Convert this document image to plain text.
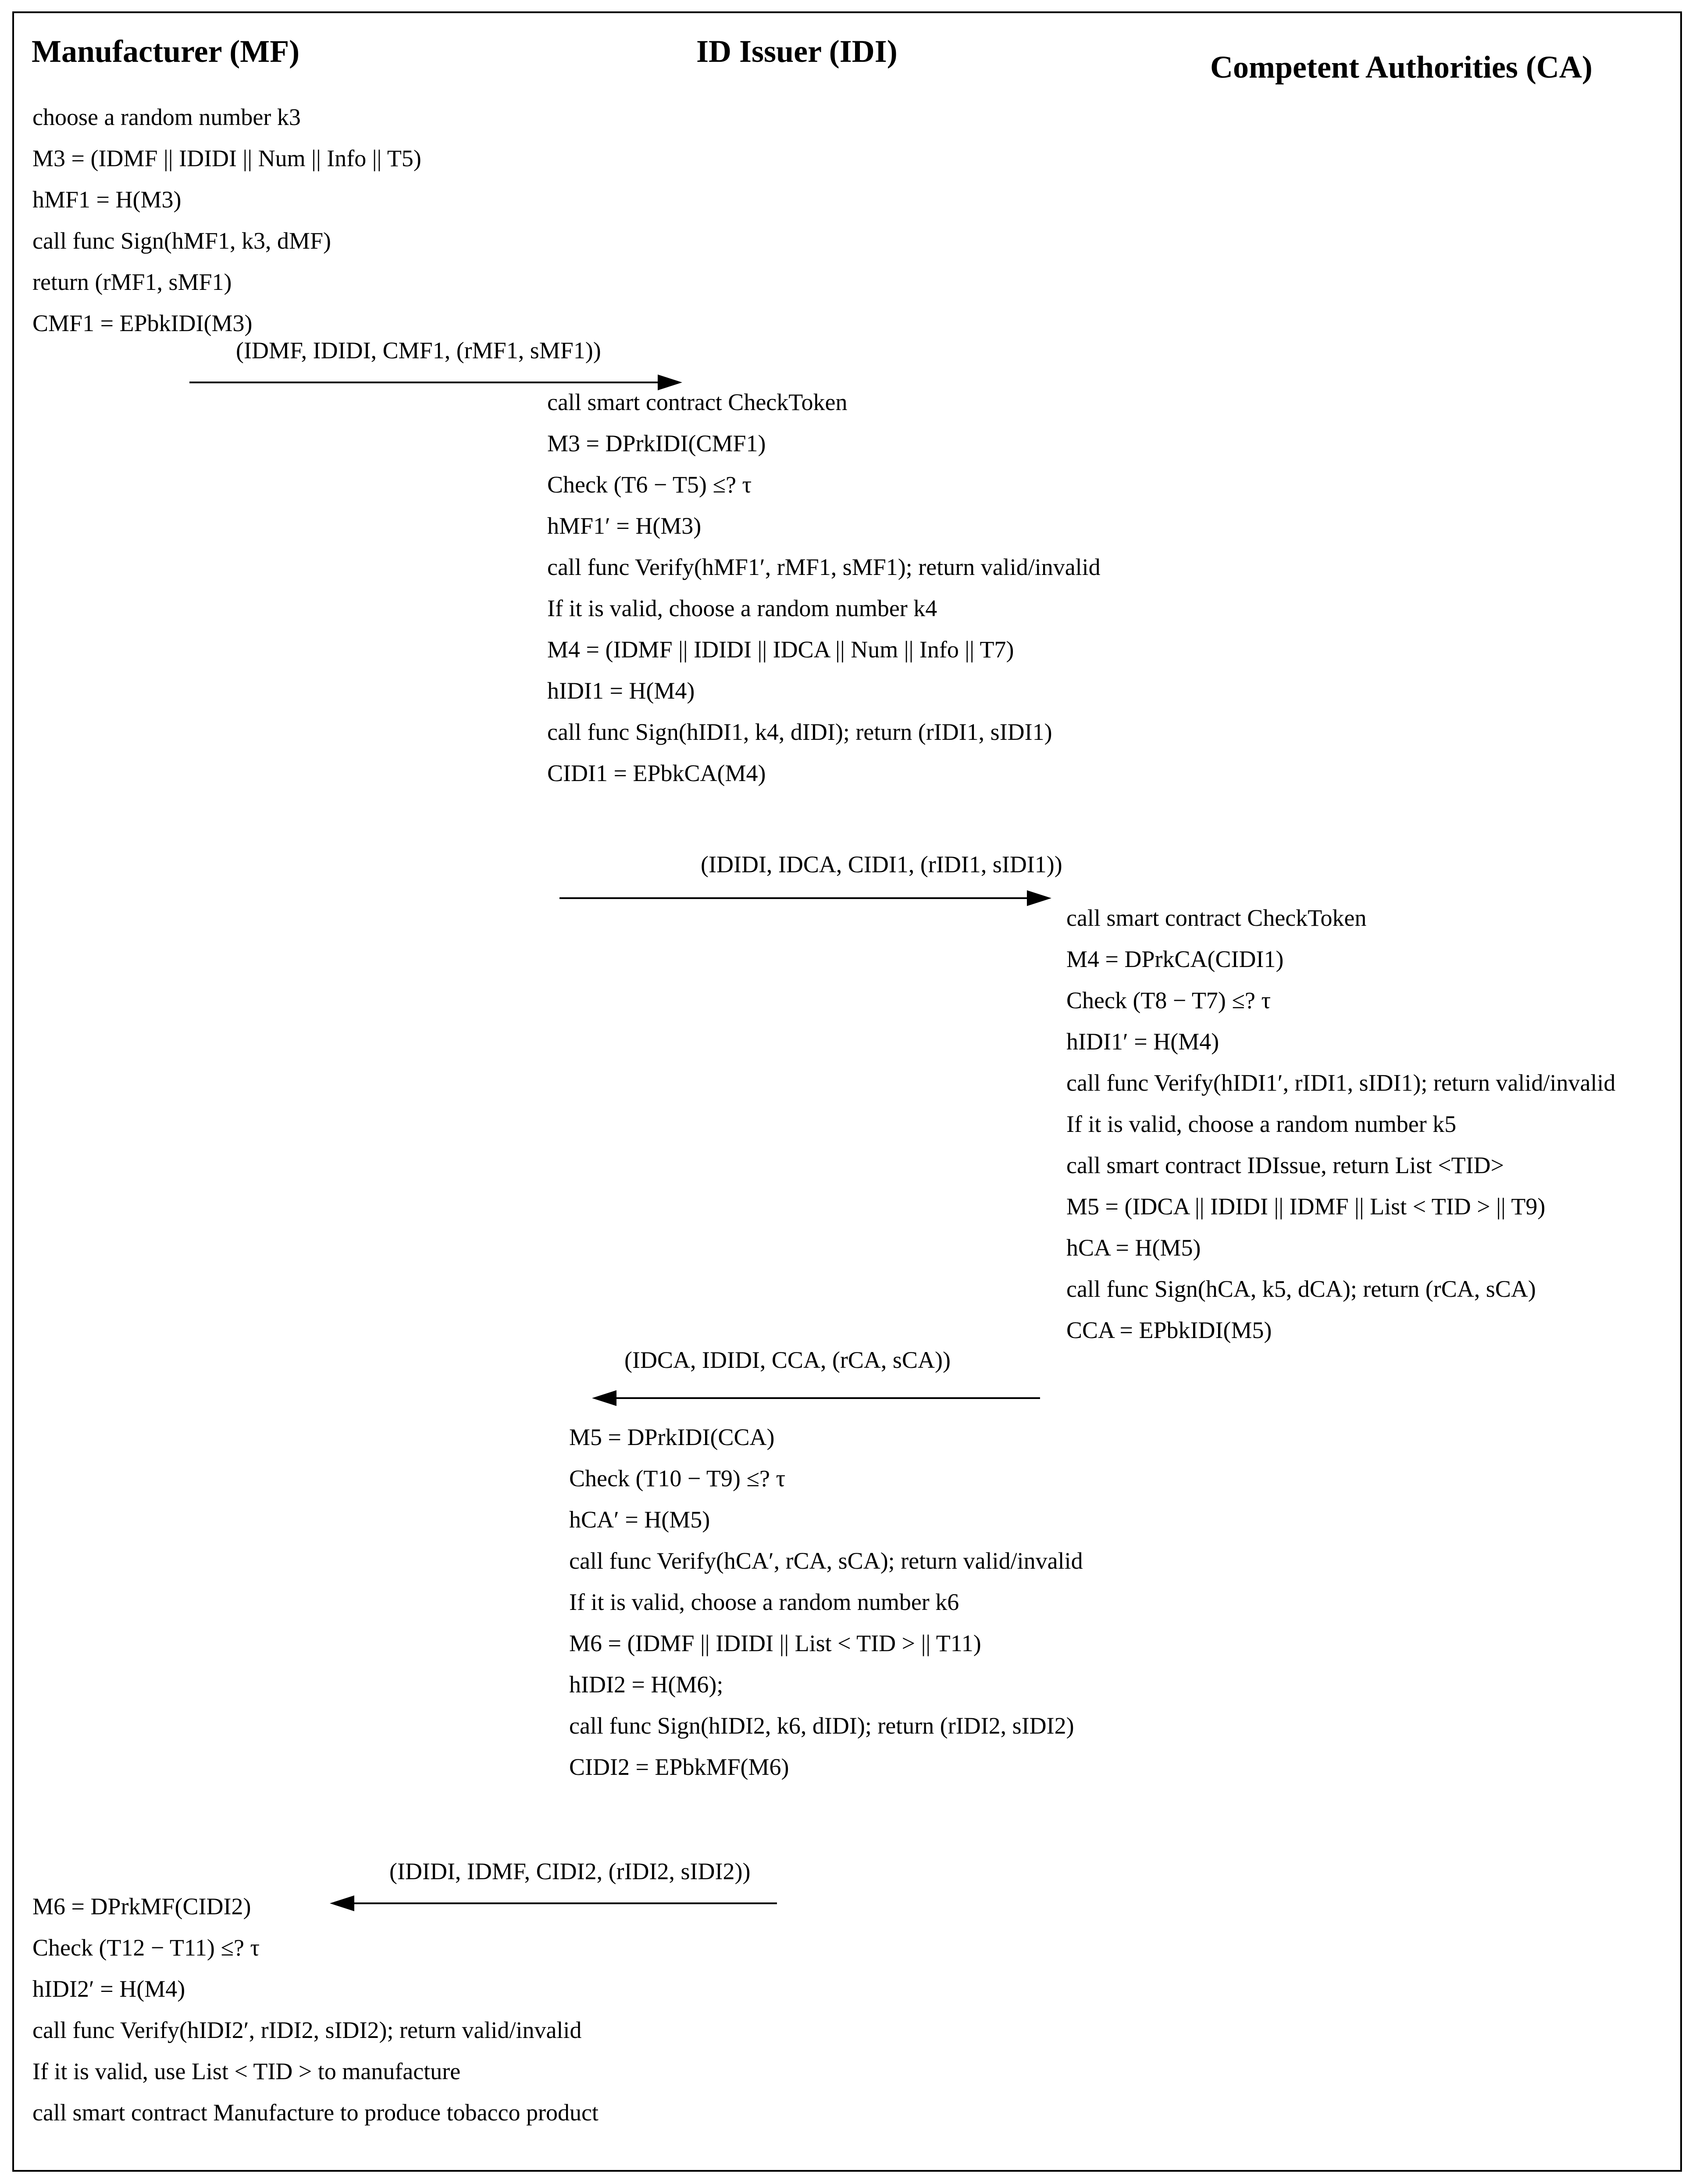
Manufacturer (MF)	ID Issuer (IDI)	Competent Authorities (CA)
choose a random number k3
M3 = (IDMF || IDIDI || Num || Info || T5)
hMF1 = H(M3)
call func Sign(hMF1, k3, dMF)
return (rMF1, sMF1)
CMF1 = EPbkIDI(M3)
(IDMF, IDIDI, CMF1, (rMF1, sMF1))
call smart contract CheckToken
M3 = DPrkIDI(CMF1)
Check (T6 − T5) ≤? τ
hMF1′ = H(M3)
call func Verify(hMF1′, rMF1, sMF1); return valid/invalid
If it is valid, choose a random number k4
M4 = (IDMF || IDIDI || IDCA || Num || Info || T7)
hIDI1 = H(M4)
call func Sign(hIDI1, k4, dIDI); return (rIDI1, sIDI1)
CIDI1 = EPbkCA(M4)
(IDIDI, IDCA, CIDI1, (rIDI1, sIDI1))
call smart contract CheckToken
M4 = DPrkCA(CIDI1)
Check (T8 − T7) ≤? τ
hIDI1′ = H(M4)
call func Verify(hIDI1′, rIDI1, sIDI1); return valid/invalid
If it is valid, choose a random number k5
call smart contract IDIssue, return List <TID>
M5 = (IDCA || IDIDI || IDMF || List < TID > || T9)
hCA = H(M5)
call func Sign(hCA, k5, dCA); return (rCA, sCA)
CCA = EPbkIDI(M5)
(IDCA, IDIDI, CCA, (rCA, sCA))
M5 = DPrkIDI(CCA)
Check (T10 − T9) ≤? τ
hCA′ = H(M5)
call func Verify(hCA′, rCA, sCA); return valid/invalid
If it is valid, choose a random number k6
M6 = (IDMF || IDIDI || List < TID > || T11)
hIDI2 = H(M6);
call func Sign(hIDI2, k6, dIDI); return (rIDI2, sIDI2)
CIDI2 = EPbkMF(M6)
(IDIDI, IDMF, CIDI2, (rIDI2, sIDI2))
M6 = DPrkMF(CIDI2)
Check (T12 − T11) ≤? τ
hIDI2′ = H(M4)
call func Verify(hIDI2′, rIDI2, sIDI2); return valid/invalid
If it is valid, use List < TID > to manufacture
call smart contract Manufacture to produce tobacco product
